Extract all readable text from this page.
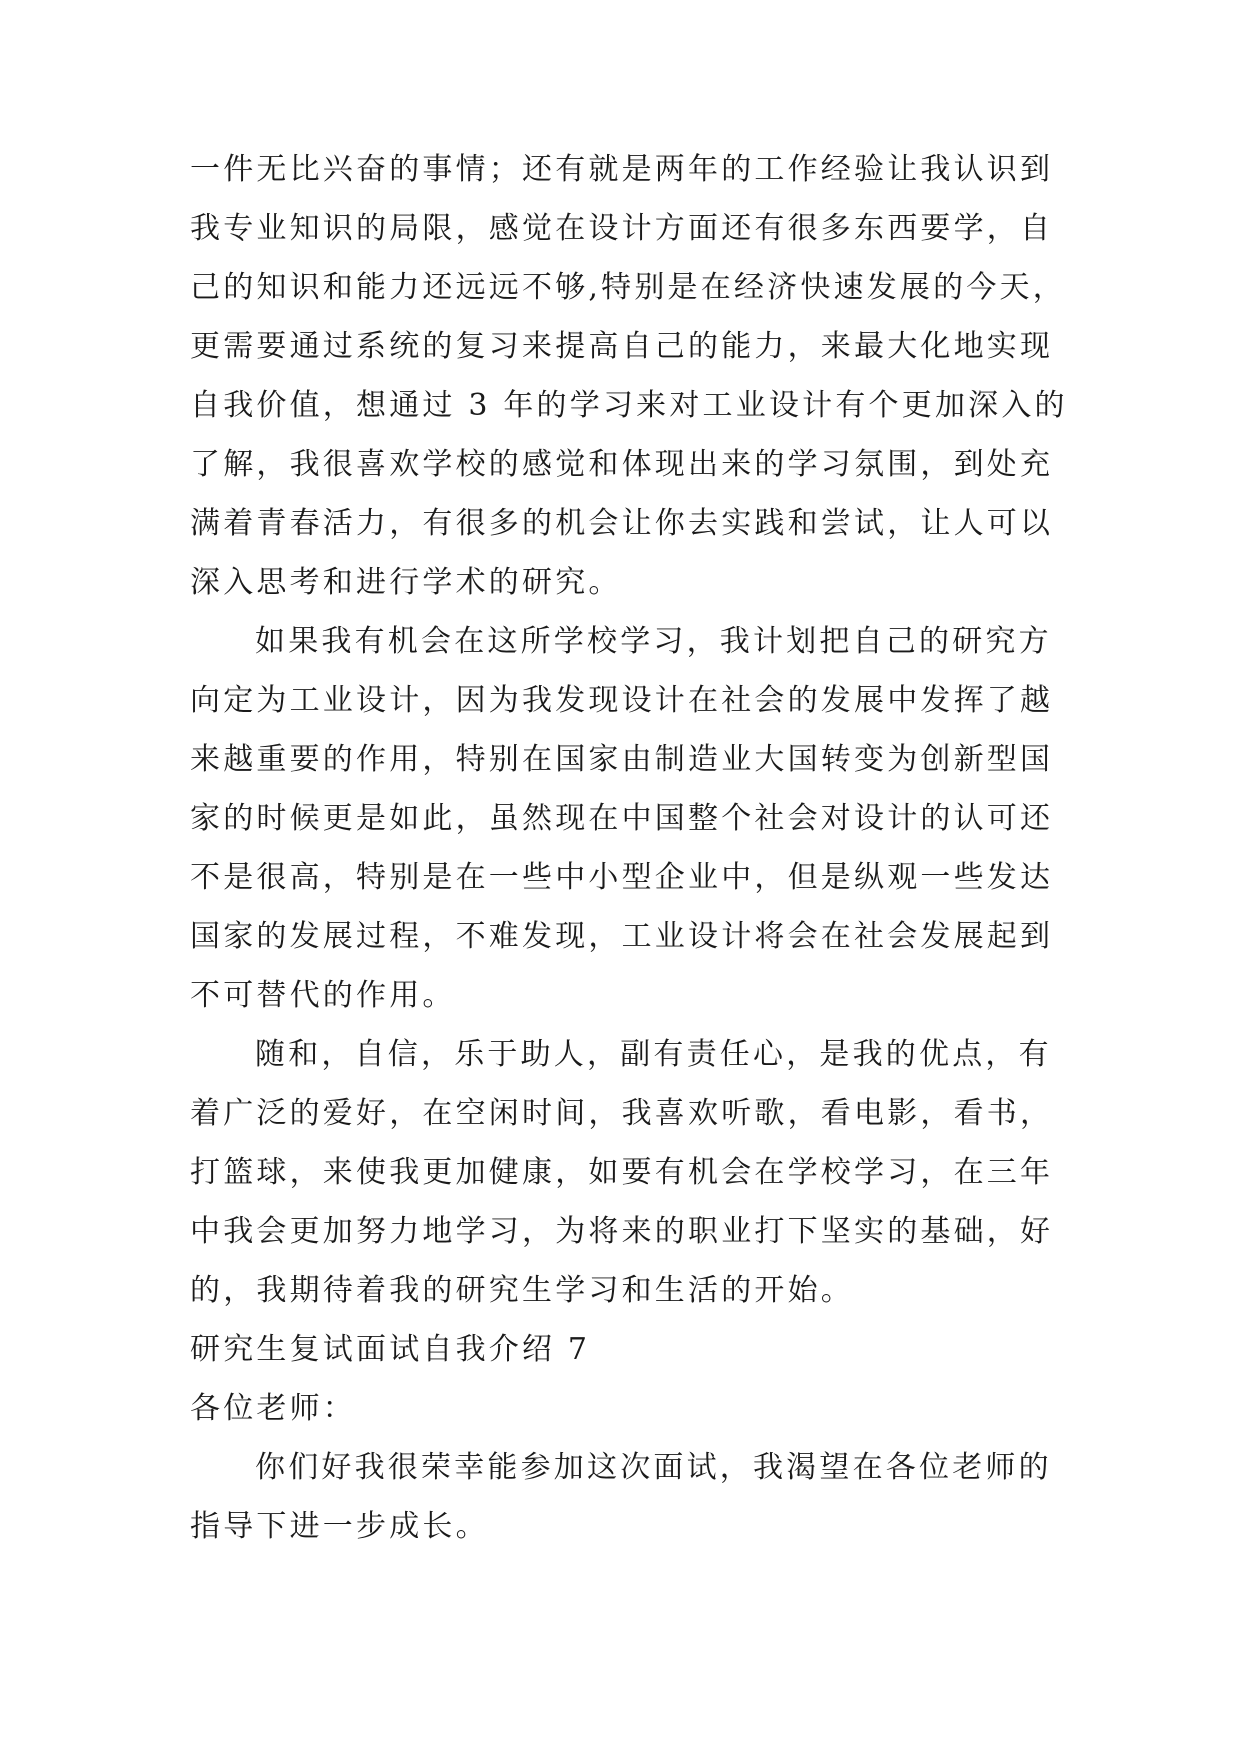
一件无比兴奋的事情；还有就是两年的工作经验让我认识到
我专业知识的局限，感觉在设计方面还有很多东西要学，自
己的知识和能力还远远不够,特别是在经济快速发展的今天，
更需要通过系统的复习来提高自己的能力，来最大化地实现
自我价值，想通过 3 年的学习来对工业设计有个更加深入的
了解，我很喜欢学校的感觉和体现出来的学习氛围，到处充
满着青春活力，有很多的机会让你去实践和尝试，让人可以
深入思考和进行学术的研究。
如果我有机会在这所学校学习，我计划把自己的研究方
向定为工业设计，因为我发现设计在社会的发展中发挥了越
来越重要的作用，特别在国家由制造业大国转变为创新型国
家的时候更是如此，虽然现在中国整个社会对设计的认可还
不是很高，特别是在一些中小型企业中，但是纵观一些发达
国家的发展过程，不难发现，工业设计将会在社会发展起到
不可替代的作用。
随和，自信，乐于助人，副有责任心，是我的优点，有
着广泛的爱好，在空闲时间，我喜欢听歌，看电影，看书，
打篮球，来使我更加健康，如要有机会在学校学习，在三年
中我会更加努力地学习，为将来的职业打下坚实的基础，好
的，我期待着我的研究生学习和生活的开始。
研究生复试面试自我介绍 7
各位老师：
你们好我很荣幸能参加这次面试，我渴望在各位老师的
指导下进一步成长。
